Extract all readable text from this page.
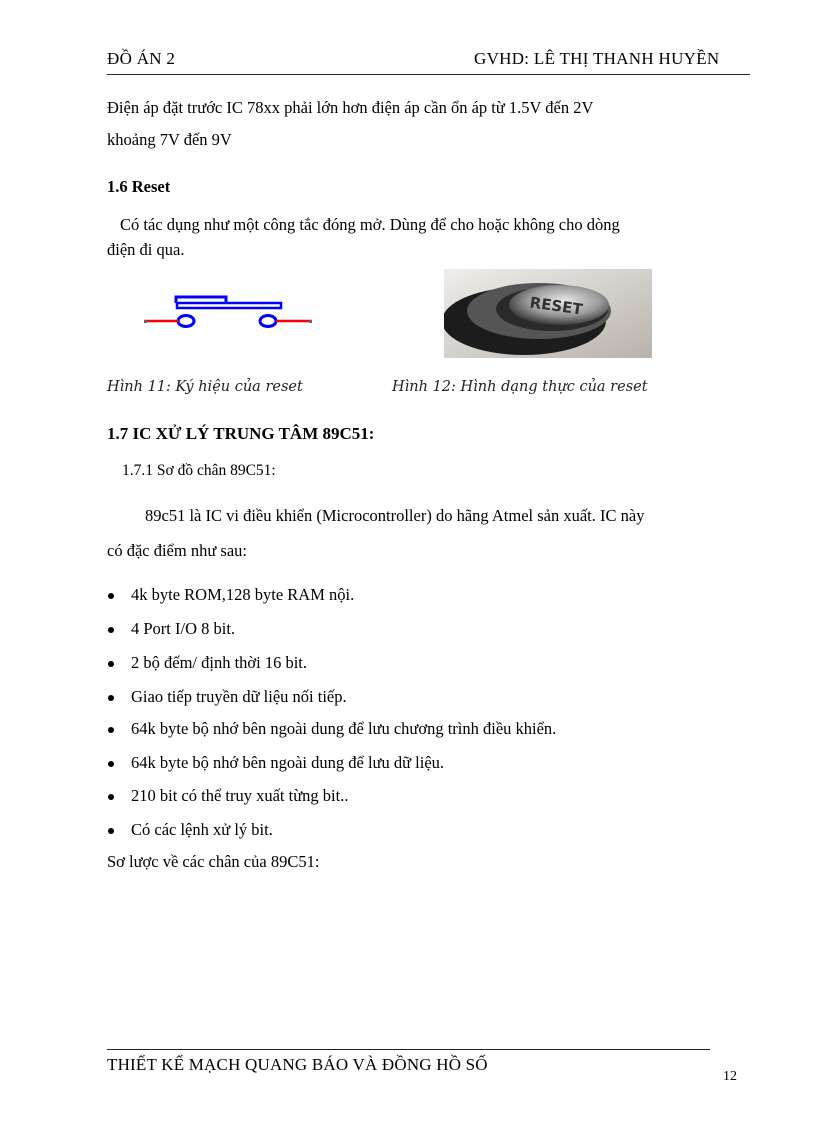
ĐỒ ÁN 2	GVHD: LÊ THỊ THANH HUYỀN
Điện áp đặt trước IC 78xx phải lớn hơn điện áp cần ổn áp từ 1.5V đến 2V
khoảng 7V đến 9V
1.6 Reset
Có tác dụng như một công tắc đóng mở. Dùng để cho hoặc không cho dòng
điện đi qua.
RESET
Hình 11: Ký hiệu của reset	Hình 12: Hình dạng thực của reset
1.7 IC XỬ LÝ TRUNG TÂM 89C51:
1.7.1 Sơ đồ chân 89C51:
89c51 là IC vi điều khiển (Microcontroller) do hãng Atmel sản xuất. IC này
có đặc điểm như sau:
4k byte ROM,128 byte RAM nội.
4 Port I/O 8 bit.
2 bộ đếm/ định thời 16 bit.
Giao tiếp truyền dữ liệu nối tiếp.
64k byte bộ nhớ bên ngoài dung để lưu chương trình điều khiển.
64k byte bộ nhớ bên ngoài dung để lưu dữ liệu.
210 bit có thể truy xuất từng bit..
Có các lệnh xử lý bit.
Sơ lược về các chân của 89C51:
THIẾT KẾ MẠCH QUANG BÁO VÀ ĐỒNG HỒ SỐ
12
